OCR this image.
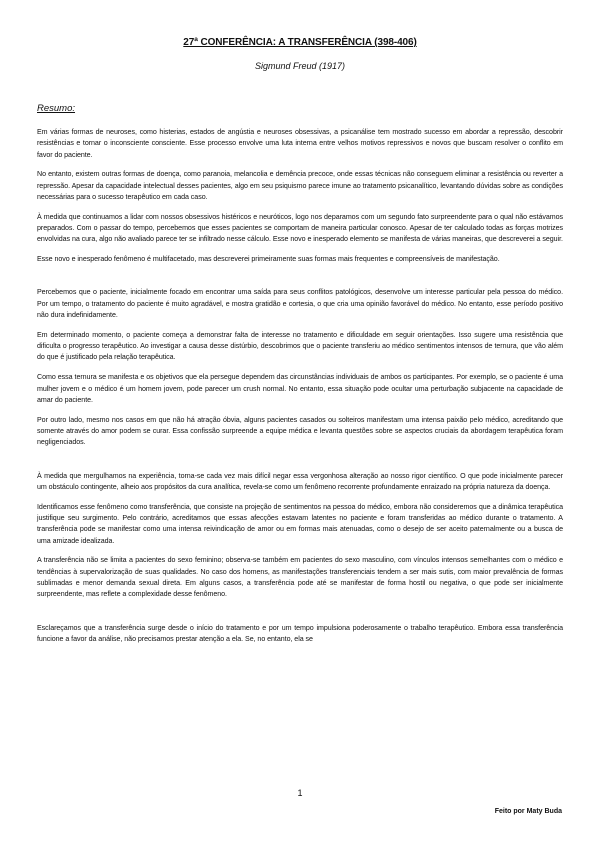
27ª CONFERÊNCIA: A TRANSFERÊNCIA (398-406)
Sigmund Freud (1917)
Resumo:

Em várias formas de neuroses, como histerias, estados de angústia e neuroses obsessivas, a psicanálise tem mostrado sucesso em abordar a repressão, descobrir resistências e tornar o inconsciente consciente. Esse processo envolve uma luta interna entre velhos motivos repressivos e novos que buscam resolver o conflito em favor do paciente.

No entanto, existem outras formas de doença, como paranoia, melancolia e demência precoce, onde essas técnicas não conseguem eliminar a resistência ou reverter a repressão. Apesar da capacidade intelectual desses pacientes, algo em seu psiquismo parece imune ao tratamento psicanalítico, levantando dúvidas sobre as condições necessárias para o sucesso terapêutico em cada caso.

À medida que continuamos a lidar com nossos obsessivos histéricos e neuróticos, logo nos deparamos com um segundo fato surpreendente para o qual não estávamos preparados. Com o passar do tempo, percebemos que esses pacientes se comportam de maneira particular conosco. Apesar de ter calculado todas as forças motrizes envolvidas na cura, algo não avaliado parece ter se infiltrado nesse cálculo. Esse novo e inesperado elemento se manifesta de várias maneiras, que descreverei a seguir.

Esse novo e inesperado fenômeno é multifacetado, mas descreverei primeiramente suas formas mais frequentes e compreensíveis de manifestação.

Percebemos que o paciente, inicialmente focado em encontrar uma saída para seus conflitos patológicos, desenvolve um interesse particular pela pessoa do médico. Por um tempo, o tratamento do paciente é muito agradável, e mostra gratidão e cortesia, o que cria uma opinião favorável do médico. No entanto, esse período positivo não dura indefinidamente.

Em determinado momento, o paciente começa a demonstrar falta de interesse no tratamento e dificuldade em seguir orientações. Isso sugere uma resistência que dificulta o progresso terapêutico. Ao investigar a causa desse distúrbio, descobrimos que o paciente transferiu ao médico sentimentos intensos de ternura, que vão além do que é justificado pela relação terapêutica.

Como essa ternura se manifesta e os objetivos que ela persegue dependem das circunstâncias individuais de ambos os participantes. Por exemplo, se o paciente é uma mulher jovem e o médico é um homem jovem, pode parecer um crush normal. No entanto, essa situação pode ocultar uma perturbação subjacente na capacidade de amar do paciente.

Por outro lado, mesmo nos casos em que não há atração óbvia, alguns pacientes casados ou solteiros manifestam uma intensa paixão pelo médico, acreditando que somente através do amor podem se curar. Essa confissão surpreende a equipe médica e levanta questões sobre se aspectos cruciais da abordagem terapêutica foram negligenciados.

À medida que mergulhamos na experiência, torna-se cada vez mais difícil negar essa vergonhosa alteração ao nosso rigor científico. O que pode inicialmente parecer um obstáculo contingente, alheio aos propósitos da cura analítica, revela-se como um fenômeno recorrente profundamente enraizado na própria natureza da doença.

Identificamos esse fenômeno como transferência, que consiste na projeção de sentimentos na pessoa do médico, embora não consideremos que a dinâmica terapêutica justifique seu surgimento. Pelo contrário, acreditamos que essas afecções estavam latentes no paciente e foram transferidas ao médico durante o tratamento. A transferência pode se manifestar como uma intensa reivindicação de amor ou em formas mais atenuadas, como o desejo de ser aceito paternalmente ou a busca de uma amizade idealizada.

A transferência não se limita a pacientes do sexo feminino; observa-se também em pacientes do sexo masculino, com vínculos intensos semelhantes com o médico e tendências à supervalorização de suas qualidades. No caso dos homens, as manifestações transferenciais tendem a ser mais sutis, com maior prevalência de formas sublimadas e menor demanda sexual direta. Em alguns casos, a transferência pode até se manifestar de forma hostil ou negativa, o que pode ser inicialmente surpreendente, mas reflete a complexidade desse fenômeno.

Esclareçamos que a transferência surge desde o início do tratamento e por um tempo impulsiona poderosamente o trabalho terapêutico. Embora essa transferência funcione a favor da análise, não precisamos prestar atenção a ela. Se, no entanto, ela se

1
Feito por Maty Buda
